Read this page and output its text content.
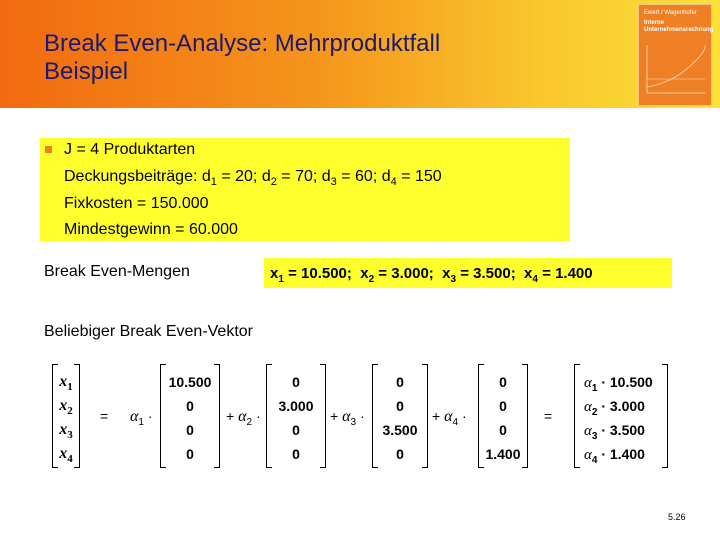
Break Even-Analyse: Mehrproduktfall
Beispiel
Ewert / Wagenhofer
Interne
Unternehmensrechnung
J = 4 Produktarten
Deckungsbeiträge: $d_1 = 20$; $d_2 = 70$; $d_3 = 60$; $d_4 = 150$
Fixkosten = 150.000
Mindestgewinn = 60.000
Break Even-Mengen	$x_1 = 10.500$; $x_2 = 3.000$; $x_3 = 3.500$; $x_4 = 1.400$
Beliebiger Break Even-Vektor
$x_1$
$x_2$
$x_3$
$x_4$
= $\alpha_1$ ·
10.500
0
0
0
+ $\alpha_2$ ·
0
3.000
0
0
+ $\alpha_3$ ·
0
0
3.500
0
+ $\alpha_4$ ·
0
0
0
1.400
=
$\alpha_1 \cdot 10.500$
$\alpha_2 \cdot 3.000$
$\alpha_3 \cdot 3.500$
$\alpha_4 \cdot 1.400$
5.26
